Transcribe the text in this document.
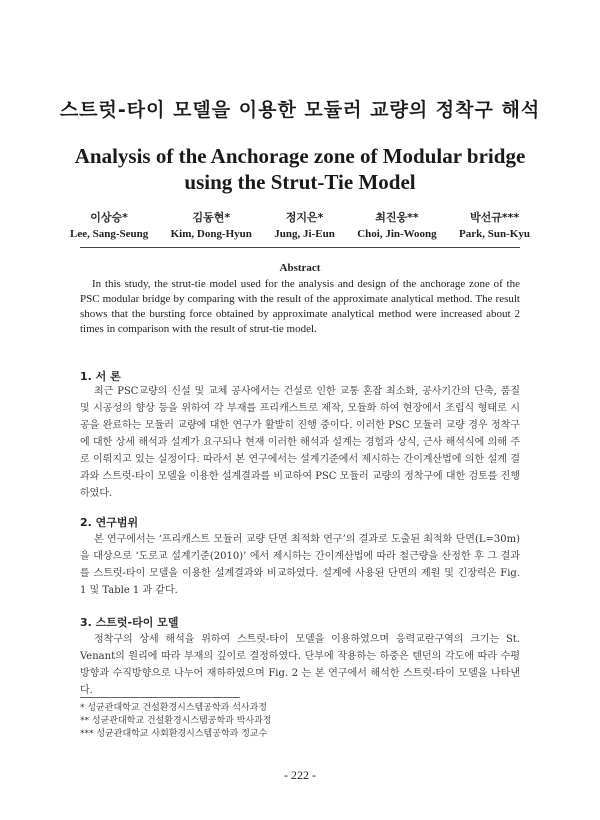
스트럿-타이 모델을 이용한 모듈러 교량의 정착구 해석
Analysis of the Anchorage zone of Modular bridge using the Strut-Tie Model
이상승*
Lee, Sang-Seung
김동현*
Kim, Dong-Hyun
정지은*
Jung, Ji-Eun
최진웅**
Choi, Jin-Woong
박선규***
Park, Sun-Kyu
Abstract

In this study, the strut-tie model used for the analysis and design of the anchorage zone of the PSC modular bridge by comparing with the result of the approximate analytical method. The result shows that the bursting force obtained by approximate analytical method were increased about 2 times in comparison with the result of strut-tie model.

1. 서 론

최근 PSC교량의 신설 및 교체 공사에서는 건설로 인한 교통 혼잡 최소화, 공사기간의 단축, 품질 및 시공성의 향상 등을 위하여 각 부재를 프리캐스트로 제작, 모듈화 하여 현장에서 조립식 형태로 시공을 완료하는 모듈러 교량에 대한 연구가 활발히 진행 중이다. 이러한 PSC 모듈러 교량 경우 정착구에 대한 상세 해석과 설계가 요구되나 현재 이러한 해석과 설계는 경험과 상식, 근사 해석식에 의해 주로 이뤄지고 있는 실정이다. 따라서 본 연구에서는 설계기준에서 제시하는 간이계산법에 의한 설계 결과와 스트럿-타이 모델을 이용한 설계결과를 비교하여 PSC 모듈러 교량의 정착구에 대한 검토를 진행하였다.

2. 연구범위

본 연구에서는 ‘프리캐스트 모듈러 교량 단면 최적화 연구’의 결과로 도출된 최적화 단면(L=30m)을 대상으로 ‘도로교 설계기준(2010)’ 에서 제시하는 간이계산법에 따라 철근량을 산정한 후 그 결과를 스트럿-타이 모델을 이용한 설계결과와 비교하였다. 설계에 사용된 단면의 제원 및 긴장력은 Fig. 1 및 Table 1 과 같다.

3. 스트럿-타이 모델

정착구의 상세 해석을 위하여 스트럿-타이 모델을 이용하였으며 응력교란구역의 크기는 St. Venant의 원리에 따라 부재의 깊이로 결정하였다. 단부에 작용하는 하중은 텐던의 각도에 따라 수평방향과 수직방향으로 나누어 재하하였으며 Fig. 2 는 본 연구에서 해석한 스트럿-타이 모델을 나타낸다.

* 성균관대학교 건설환경시스템공학과 석사과정
** 성균관대학교 건설환경시스템공학과 박사과정
*** 성균관대학교 사회환경시스템공학과 정교수
- 222 -
